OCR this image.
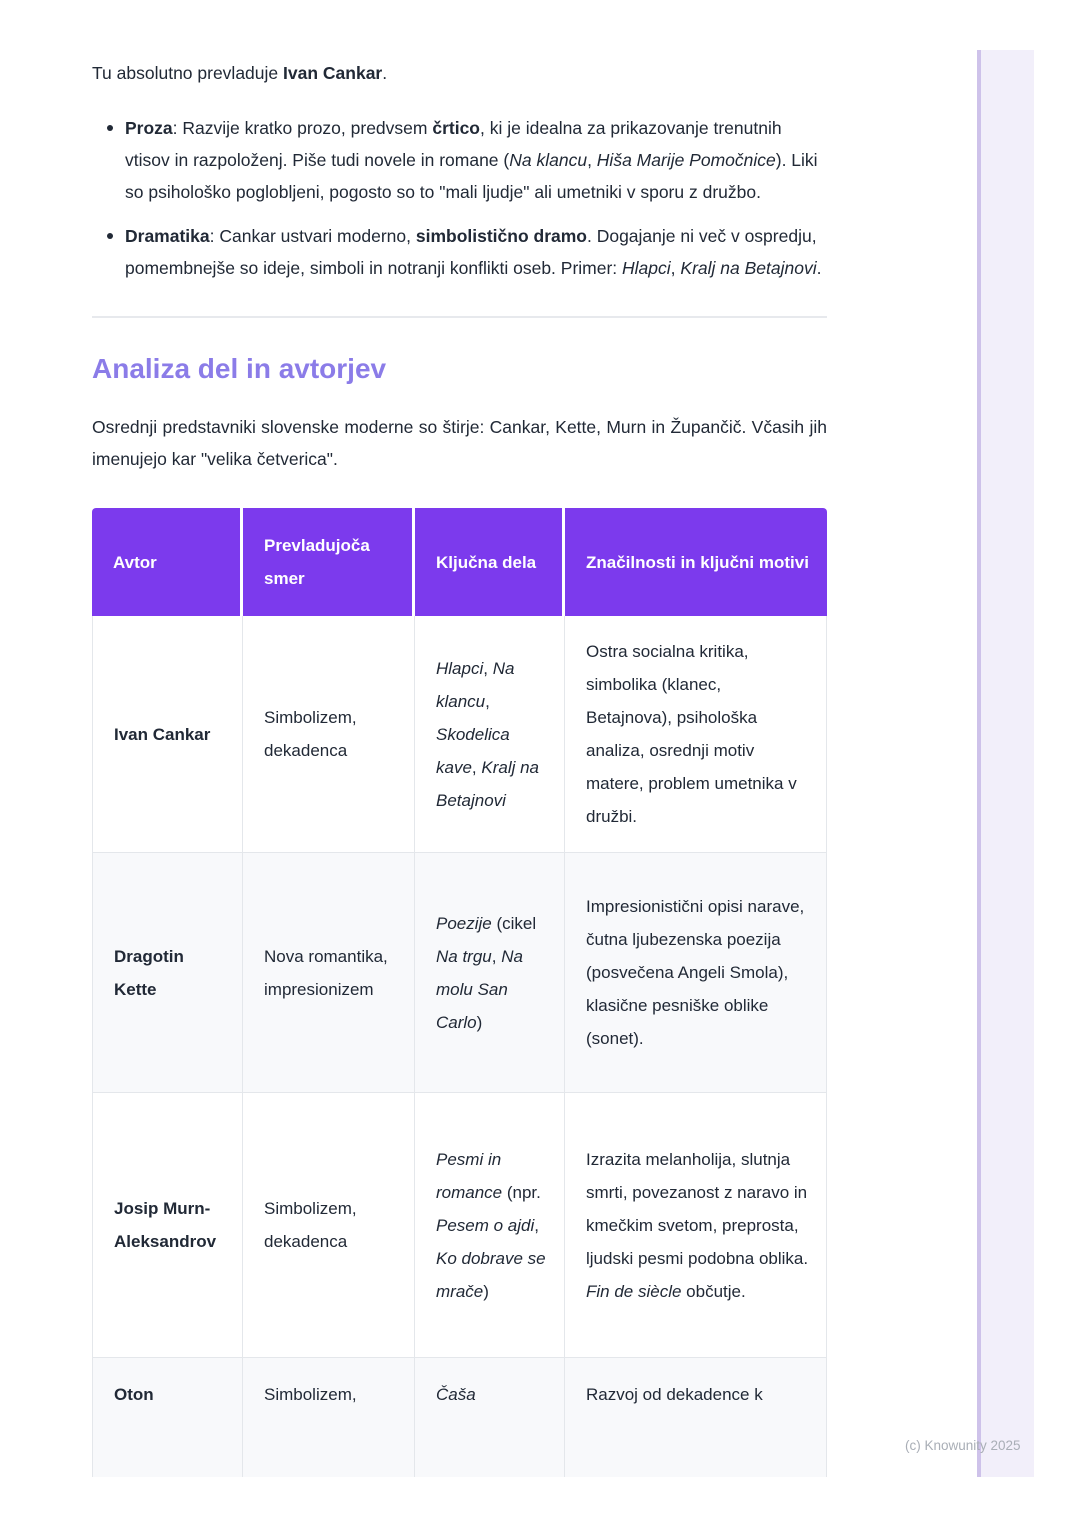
Tu absolutno prevladuje Ivan Cankar.

Proza: Razvije kratko prozo, predvsem črtico, ki je idealna za prikazovanje trenutnih vtisov in razpoloženj. Piše tudi novele in romane (Na klancu, Hiša Marije Pomočnice). Liki so psihološko poglobljeni, pogosto so to "mali ljudje" ali umetniki v sporu z družbo.
Dramatika: Cankar ustvari moderno, simbolistično dramo. Dogajanje ni več v ospredju, pomembnejše so ideje, simboli in notranji konflikti oseb. Primer: Hlapci, Kralj na Betajnovi.
Analiza del in avtorjev

Osrednji predstavniki slovenske moderne so štirje: Cankar, Kette, Murn in Župančič. Včasih jih imenujejo kar "velika četverica".

Avtor	Prevladujoča smer	Ključna dela	Značilnosti in ključni motivi
Ivan Cankar	Simbolizem, dekadenca	Hlapci, Na klancu, Skodelica kave, Kralj na Betajnovi	Ostra socialna kritika, simbolika (klanec, Betajnova), psihološka analiza, osrednji motiv matere, problem umetnika v družbi.
Dragotin Kette	Nova romantika, impresionizem	Poezije (cikel Na trgu, Na molu San Carlo)	Impresionistični opisi narave, čutna ljubezenska poezija (posvečena Angeli Smola), klasične pesniške oblike (sonet).
Josip Murn-Aleksandrov	Simbolizem, dekadenca	Pesmi in romance (npr. Pesem o ajdi, Ko dobrave se mrače)	Izrazita melanholija, slutnja smrti, povezanost z naravo in kmečkim svetom, preprosta, ljudski pesmi podobna oblika. Fin de siècle občutje.
Oton	Simbolizem,	Čaša	Razvoj od dekadence k
(c) Knowunity 2025
